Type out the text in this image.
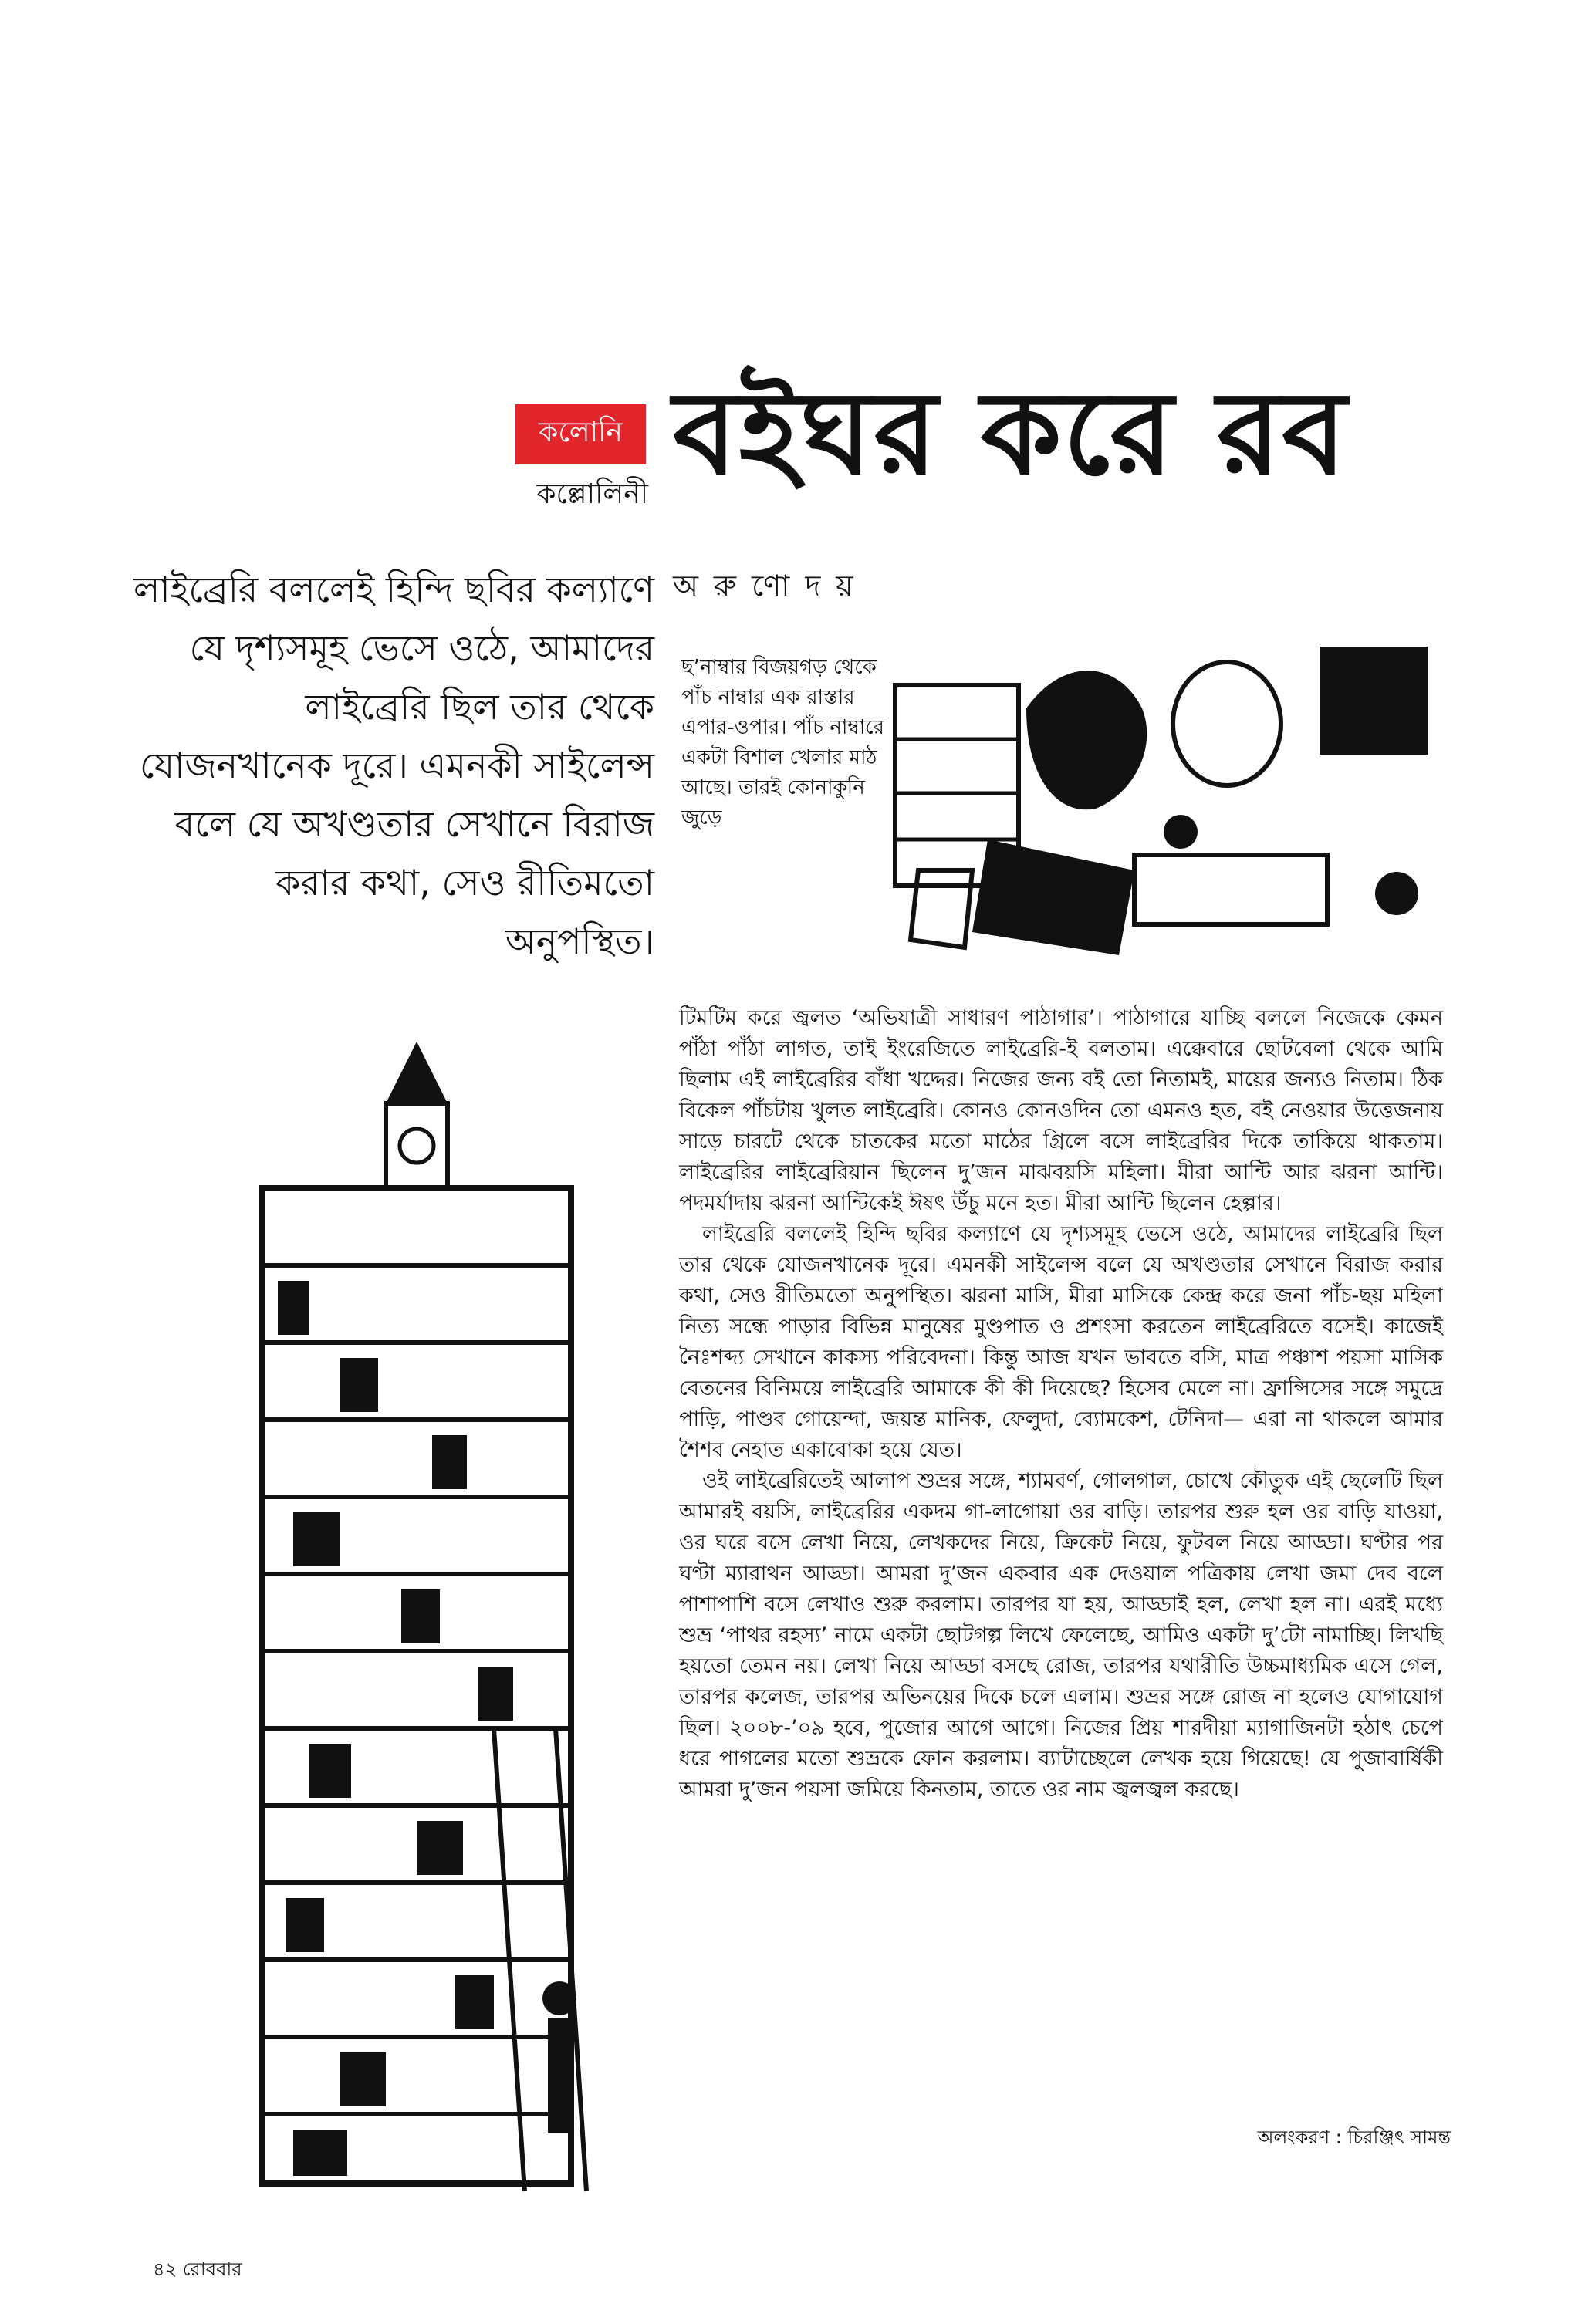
কলোনি
কল্লোলিনী বইঘর করে রব

লাইব্রেরি বললেই হিন্দি ছবির কল্যাণে যে দৃশ্যসমূহ ভেসে ওঠে, আমাদের লাইব্রেরি ছিল তার থেকে যোজনখানেক দূরে। এমনকী সাইলেন্স বলে যে অখণ্ডতার সেখানে বিরাজ করার কথা, সেও রীতিমতো অনুপস্থিত।

অরুণোদয়
ছ’নাম্বার বিজয়গড় থেকে পাঁচ নাম্বার এক রাস্তার এপার-ওপার। পাঁচ নাম্বারে একটা বিশাল খেলার মাঠ আছে। তারই কোনাকুনি জুড়ে

টিমটিম করে জ্বলত ‘অভিযাত্রী সাধারণ পাঠাগার’। পাঠাগারে যাচ্ছি বললে নিজেকে কেমন পাঁঠা পাঁঠা লাগত, তাই ইংরেজিতে লাইব্রেরি-ই বলতাম। এক্কেবারে ছোটবেলা থেকে আমি ছিলাম এই লাইব্রেরির বাঁধা খদ্দের। নিজের জন্য বই তো নিতামই, মায়ের জন্যও নিতাম। ঠিক বিকেল পাঁচটায় খুলত লাইব্রেরি। কোনও কোনওদিন তো এমনও হত, বই নেওয়ার উত্তেজনায় সাড়ে চারটে থেকে চাতকের মতো মাঠের গ্রিলে বসে লাইব্রেরির দিকে তাকিয়ে থাকতাম। লাইব্রেরির লাইব্রেরিয়ান ছিলেন দু’জন মাঝবয়সি মহিলা। মীরা আন্টি আর ঝরনা আন্টি। পদমর্যাদায় ঝরনা আন্টিকেই ঈষৎ উঁচু মনে হত। মীরা আন্টি ছিলেন হেল্পার।

লাইব্রেরি বললেই হিন্দি ছবির কল্যাণে যে দৃশ্যসমূহ ভেসে ওঠে, আমাদের লাইব্রেরি ছিল তার থেকে যোজনখানেক দূরে। এমনকী সাইলেন্স বলে যে অখণ্ডতার সেখানে বিরাজ করার কথা, সেও রীতিমতো অনুপস্থিত। ঝরনা মাসি, মীরা মাসিকে কেন্দ্র করে জনা পাঁচ-ছয় মহিলা নিত্য সন্ধে পাড়ার বিভিন্ন মানুষের মুণ্ডপাত ও প্রশংসা করতেন লাইব্রেরিতে বসেই। কাজেই নৈঃশব্দ্য সেখানে কাকস্য পরিবেদনা। কিন্তু আজ যখন ভাবতে বসি, মাত্র পঞ্চাশ পয়সা মাসিক বেতনের বিনিময়ে লাইব্রেরি আমাকে কী কী দিয়েছে? হিসেব মেলে না। ফ্রান্সিসের সঙ্গে সমুদ্রে পাড়ি, পাণ্ডব গোয়েন্দা, জয়ন্ত মানিক, ফেলুদা, ব্যোমকেশ, টেনিদা— এরা না থাকলে আমার শৈশব নেহাত একাবোকা হয়ে যেত।

ওই লাইব্রেরিতেই আলাপ শুভ্রর সঙ্গে, শ্যামবর্ণ, গোলগাল, চোখে কৌতুক এই ছেলেটি ছিল আমারই বয়সি, লাইব্রেরির একদম গা-লাগোয়া ওর বাড়ি। তারপর শুরু হল ওর বাড়ি যাওয়া, ওর ঘরে বসে লেখা নিয়ে, লেখকদের নিয়ে, ক্রিকেট নিয়ে, ফুটবল নিয়ে আড্ডা। ঘণ্টার পর ঘণ্টা ম্যারাথন আড্ডা। আমরা দু’জন একবার এক দেওয়াল পত্রিকায় লেখা জমা দেব বলে পাশাপাশি বসে লেখাও শুরু করলাম। তারপর যা হয়, আড্ডাই হল, লেখা হল না। এরই মধ্যে শুভ্র ‘পাথর রহস্য’ নামে একটা ছোটগল্প লিখে ফেলেছে, আমিও একটা দু’টো নামাচ্ছি। লিখছি হয়তো তেমন নয়। লেখা নিয়ে আড্ডা বসছে রোজ, তারপর যথারীতি উচ্চমাধ্যমিক এসে গেল, তারপর কলেজ, তারপর অভিনয়ের দিকে চলে এলাম। শুভ্রর সঙ্গে রোজ না হলেও যোগাযোগ ছিল। ২০০৮-’০৯ হবে, পুজোর আগে আগে। নিজের প্রিয় শারদীয়া ম্যাগাজিনটা হঠাৎ চেপে ধরে পাগলের মতো শুভ্রকে ফোন করলাম। ব্যাটাচ্ছেলে লেখক হয়ে গিয়েছে! যে পুজাবার্ষিকী আমরা দু’জন পয়সা জমিয়ে কিনতাম, তাতে ওর নাম জ্বলজ্বল করছে।

অলংকরণ : চিরঞ্জিৎ সামন্ত
৪২ রোববার
